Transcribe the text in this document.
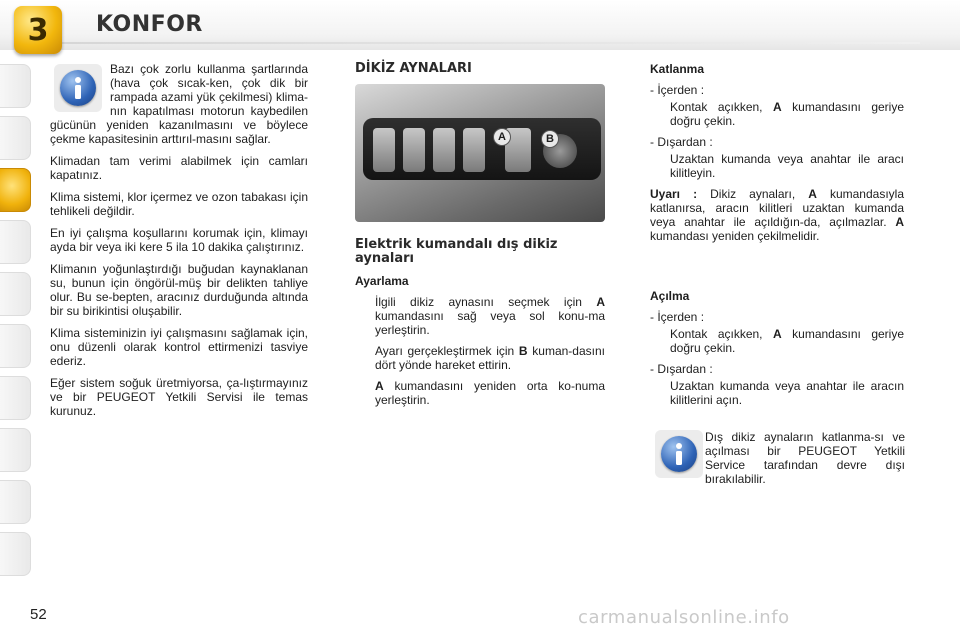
3	KONFOR

Bazı çok zorlu kullanma şartlarında (hava çok sıcak-ken, çok dik bir rampada azami yük çekilmesi) klima-nın kapatılması motorun kaybedilen gücünün yeniden kazanılmasını ve böylece çekme kapasitesinin arttırıl-masını sağlar.

Klimadan tam verimi alabilmek için camları kapatınız.

Klima sistemi, klor içermez ve ozon tabakası için tehlikeli değildir.

En iyi çalışma koşullarını korumak için, klimayı ayda bir veya iki kere 5 ila 10 dakika çalıştırınız.

Klimanın yoğunlaştırdığı buğudan kaynaklanan su, bunun için öngörül-müş bir delikten tahliye olur. Bu se-bepten, aracınız durduğunda altında bir su birikintisi oluşabilir.

Klima sisteminizin iyi çalışmasını sağlamak için, onu düzenli olarak kontrol ettirmenizi tasviye ederiz.

Eğer sistem soğuk üretmiyorsa, ça-lıştırmayınız ve bir PEUGEOT Yetkili Servisi ile temas kurunuz.

DİKİZ AYNALARI
A	B
Elektrik kumandalı dış dikiz aynaları
Ayarlama
İlgili dikiz aynasını seçmek için A kumandasını sağ veya sol konu-ma yerleştirin.
Ayarı gerçekleştirmek için B kuman-dasını dört yönde hareket ettirin.
A kumandasını yeniden orta ko-numa yerleştirin.
Katlanma
- İçerden :
Kontak açıkken, A kumandasını geriye doğru çekin.
- Dışardan :
Uzaktan kumanda veya anahtar ile aracı kilitleyin.

Uyarı : Dikiz aynaları, A kumandasıyla katlanırsa, aracın kilitleri uzaktan kumanda veya anahtar ile açıldığın-da, açılmazlar. A kumandası yeniden çekilmelidir.

Açılma
- İçerden :
Kontak açıkken, A kumandasını geriye doğru çekin.
- Dışardan :
Uzaktan kumanda veya anahtar ile aracın kilitlerini açın.
Dış dikiz aynaların katlanma-sı ve açılması bir PEUGEOT Yetkili Service tarafından devre dışı bırakılabilir.
52	carmanualsonline.info
